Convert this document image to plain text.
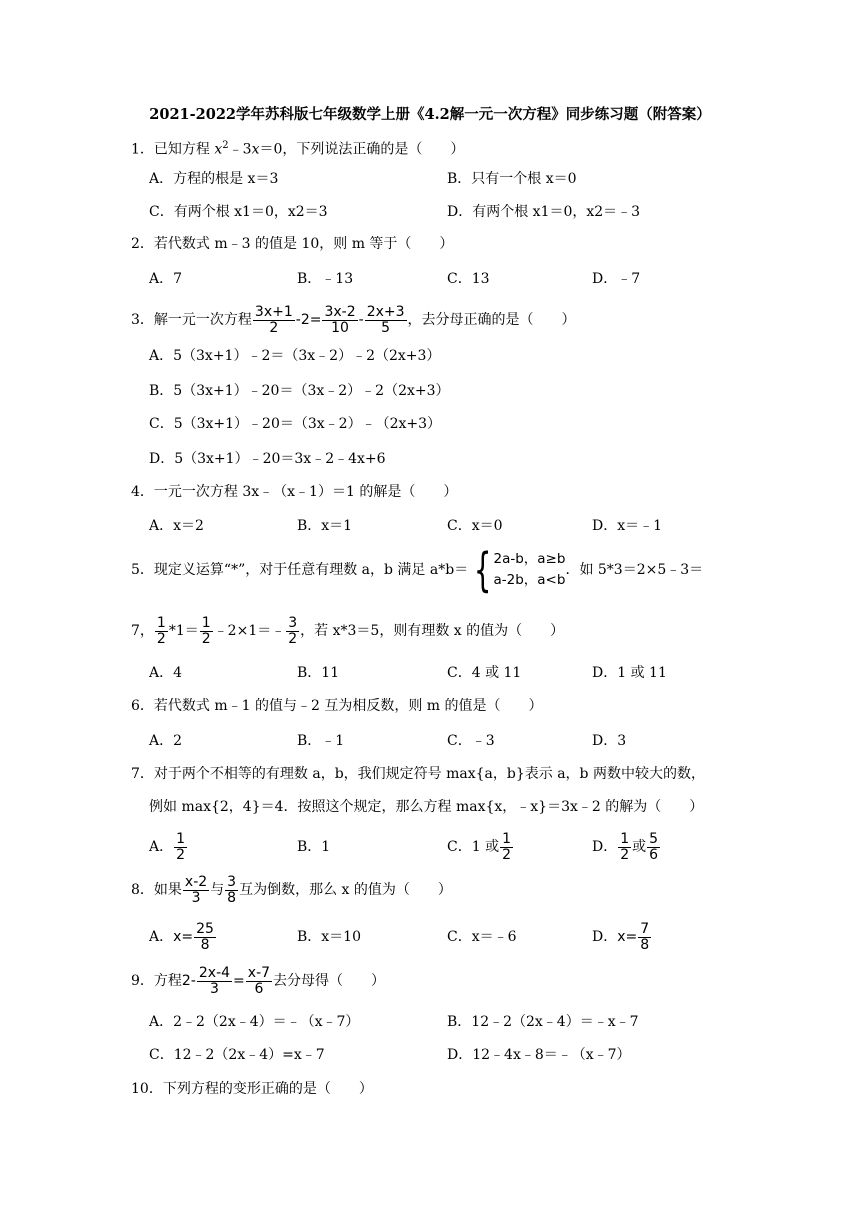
2021-2022学年苏科版七年级数学上册《4.2解一元一次方程》同步练习题（附答案）
1．已知方程 $x^2﹣3x=0$，下列说法正确的是（　　）
A．方程的根是 x＝3	B．只有一个根 x＝0
C．有两个根 x1＝0，x2＝3	D．有两个根 x1＝0，x2＝﹣3
2．若代数式 m﹣3 的值是 10，则 m 等于（　　）
A．7	B．﹣13	C．13	D．﹣7
3．解一元一次方程 $\frac{3x+1}{2} -2= \frac{3x-2}{10} - \frac{2x+3}{5}$ ，去分母正确的是（　　）
A．5（3x+1）﹣2＝（3x﹣2）﹣2（2x+3）
B．5（3x+1）﹣20＝（3x﹣2）﹣2（2x+3）
C．5（3x+1）﹣20＝（3x﹣2）﹣（2x+3）
D．5（3x+1）﹣20＝3x﹣2﹣4x+6
4．一元一次方程 3x﹣（x﹣1）＝1 的解是（　　）
A．x＝2	B．x＝1	C．x＝0	D．x＝﹣1
5．现定义运算“*”，对于任意有理数 a，b 满足 a*b＝ { 2a-b，a≥b
a-2b，a<b
．如 5*3＝2×5﹣3＝
7， $\frac{1}{2} *1= \frac{1}{2}$ ﹣2×1＝﹣ $\frac{3}{2}$ ，若 x*3＝5，则有理数 x 的值为（　　）
A．4	B．11	C．4 或 11	D．1 或 11
6．若代数式 m﹣1 的值与﹣2 互为相反数，则 m 的值是（　　）
A．2	B．﹣1	C．﹣3	D．3
7．对于两个不相等的有理数 a，b，我们规定符号 max{a，b}表示 a，b 两数中较大的数，
例如 max{2，4}＝4．按照这个规定，那么方程 max{x，﹣x}＝3x﹣2 的解为（　　）
A． $\frac{1}{2}$	B．1	C．1 或 $\frac{1}{2}$	D． $\frac{1}{2}$ 或 $\frac{5}{6}$
8．如果 $\frac{x-2}{3}$ 与 $\frac{3}{8}$ 互为倒数，那么 x 的值为（　　）
A．$x= \frac{25}{8}$	B．x＝10	C．x＝﹣6	D．$x= \frac{7}{8}$
9．方程$2- \frac{2x-4}{3} = \frac{x-7}{6}$ 去分母得（　　）
A．2﹣2（2x﹣4）＝﹣（x﹣7）	B．12﹣2（2x﹣4）＝﹣x﹣7
C．12﹣2（2x﹣4）=x﹣7	D．12﹣4x﹣8＝﹣（x﹣7）
10．下列方程的变形正确的是（　　）
